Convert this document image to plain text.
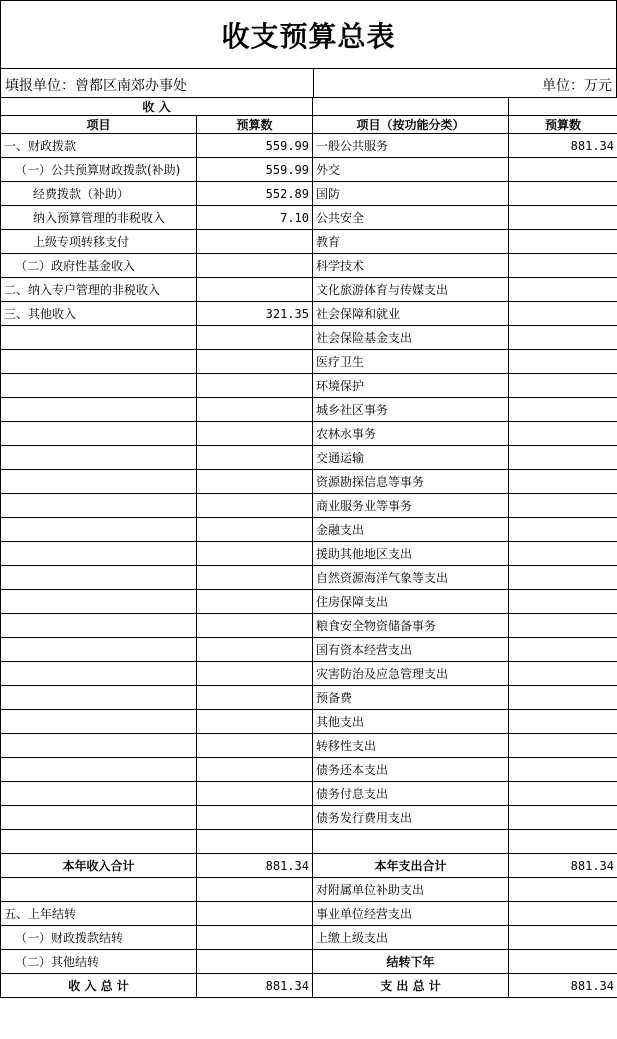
收支预算总表
填报单位：曾都区南郊办事处	单位：万元
收 入			
项目	预算数	项目（按功能分类）	预算数
一、财政拨款	559.99	一般公共服务	881.34
（一）公共预算财政拨款(补助)	559.99	外交	
经费拨款（补助）	552.89	国防	
纳入预算管理的非税收入	7.10	公共安全	
上级专项转移支付		教育	
（二）政府性基金收入		科学技术	
二、纳入专户管理的非税收入		文化旅游体育与传媒支出	
三、其他收入	321.35	社会保障和就业	
		社会保险基金支出	
		医疗卫生	
		环境保护	
		城乡社区事务	
		农林水事务	
		交通运输	
		资源勘探信息等事务	
		商业服务业等事务	
		金融支出	
		援助其他地区支出	
		自然资源海洋气象等支出	
		住房保障支出	
		粮食安全物资储备事务	
		国有资本经营支出	
		灾害防治及应急管理支出	
		预备费	
		其他支出	
		转移性支出	
		债务还本支出	
		债务付息支出	
		债务发行费用支出	

本年收入合计	881.34	本年支出合计	881.34
		对附属单位补助支出	
五、上年结转		事业单位经营支出	
（一）财政拨款结转		上缴上级支出	
（二）其他结转		结转下年	
收 入 总 计	881.34	支 出 总 计	881.34
